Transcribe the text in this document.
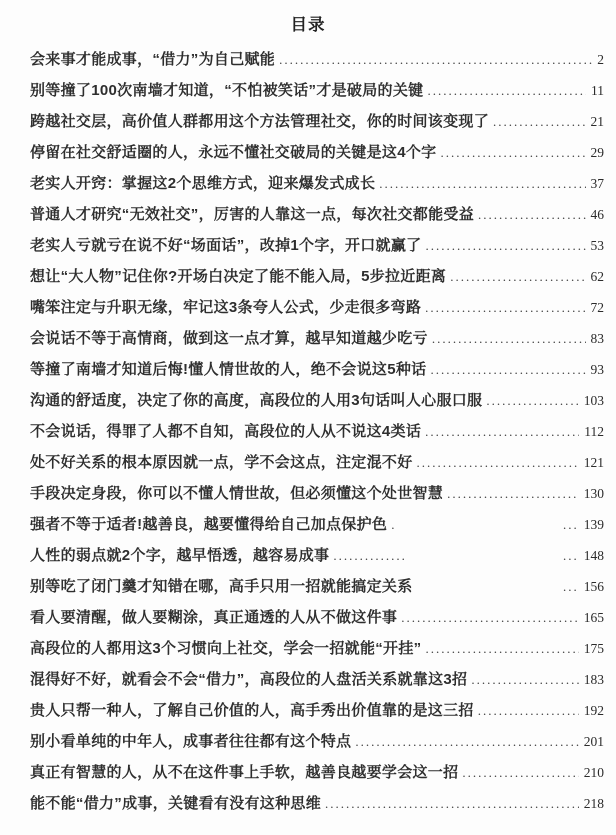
目录
会来事才能成事，“借力”为自己赋能 .....	2
别等撞了100次南墙才知道，“不怕被笑话”才是破局的关键 .....	11
跨越社交层，高价值人群都用这个方法管理社交，你的时间该变现了 .....	21
停留在社交舒适圈的人，永远不懂社交破局的关键是这4个字 .....	29
老实人开窍：掌握这2个思维方式，迎来爆发式成长 .....	37
普通人才研究“无效社交”，厉害的人靠这一点，每次社交都能受益 .....	46
老实人亏就亏在说不好“场面话”，改掉1个字，开口就赢了 .....	53
想让“大人物”记住你?开场白决定了能不能入局，5步拉近距离 .....	62
嘴笨注定与升职无缘，牢记这3条夸人公式，少走很多弯路 .....	72
会说话不等于高情商，做到这一点才算，越早知道越少吃亏 .....	83
等撞了南墙才知道后悔!懂人情世故的人，绝不会说这5种话 .....	93
沟通的舒适度，决定了你的高度，高段位的人用3句话叫人心服口服 .....	103
不会说话，得罪了人都不自知，高段位的人从不说这4类话 .....	112
处不好关系的根本原因就一点，学不会这点，注定混不好 .....	121
手段决定身段，你可以不懂人情世故，但必须懂这个处世智慧 .....	130
强者不等于适者!越善良，越要懂得给自己加点保护色 .	... 139
人性的弱点就2个字，越早悟透，越容易成事 ..............	... 148
别等吃了闭门羹才知错在哪，高手只用一招就能搞定关系	... 156
看人要清醒，做人要糊涂，真正通透的人从不做这件事 .....	165
高段位的人都用这3个习惯向上社交，学会一招就能“开挂” .....	175
混得好不好，就看会不会“借力”，高段位的人盘活关系就靠这3招 .....	183
贵人只帮一种人，了解自己价值的人，高手秀出价值靠的是这三招 .....	192
别小看单纯的中年人，成事者往往都有这个特点 .....	201
真正有智慧的人，从不在这件事上手软，越善良越要学会这一招 .....	210
能不能“借力”成事，关键看有没有这种思维 .....	218
